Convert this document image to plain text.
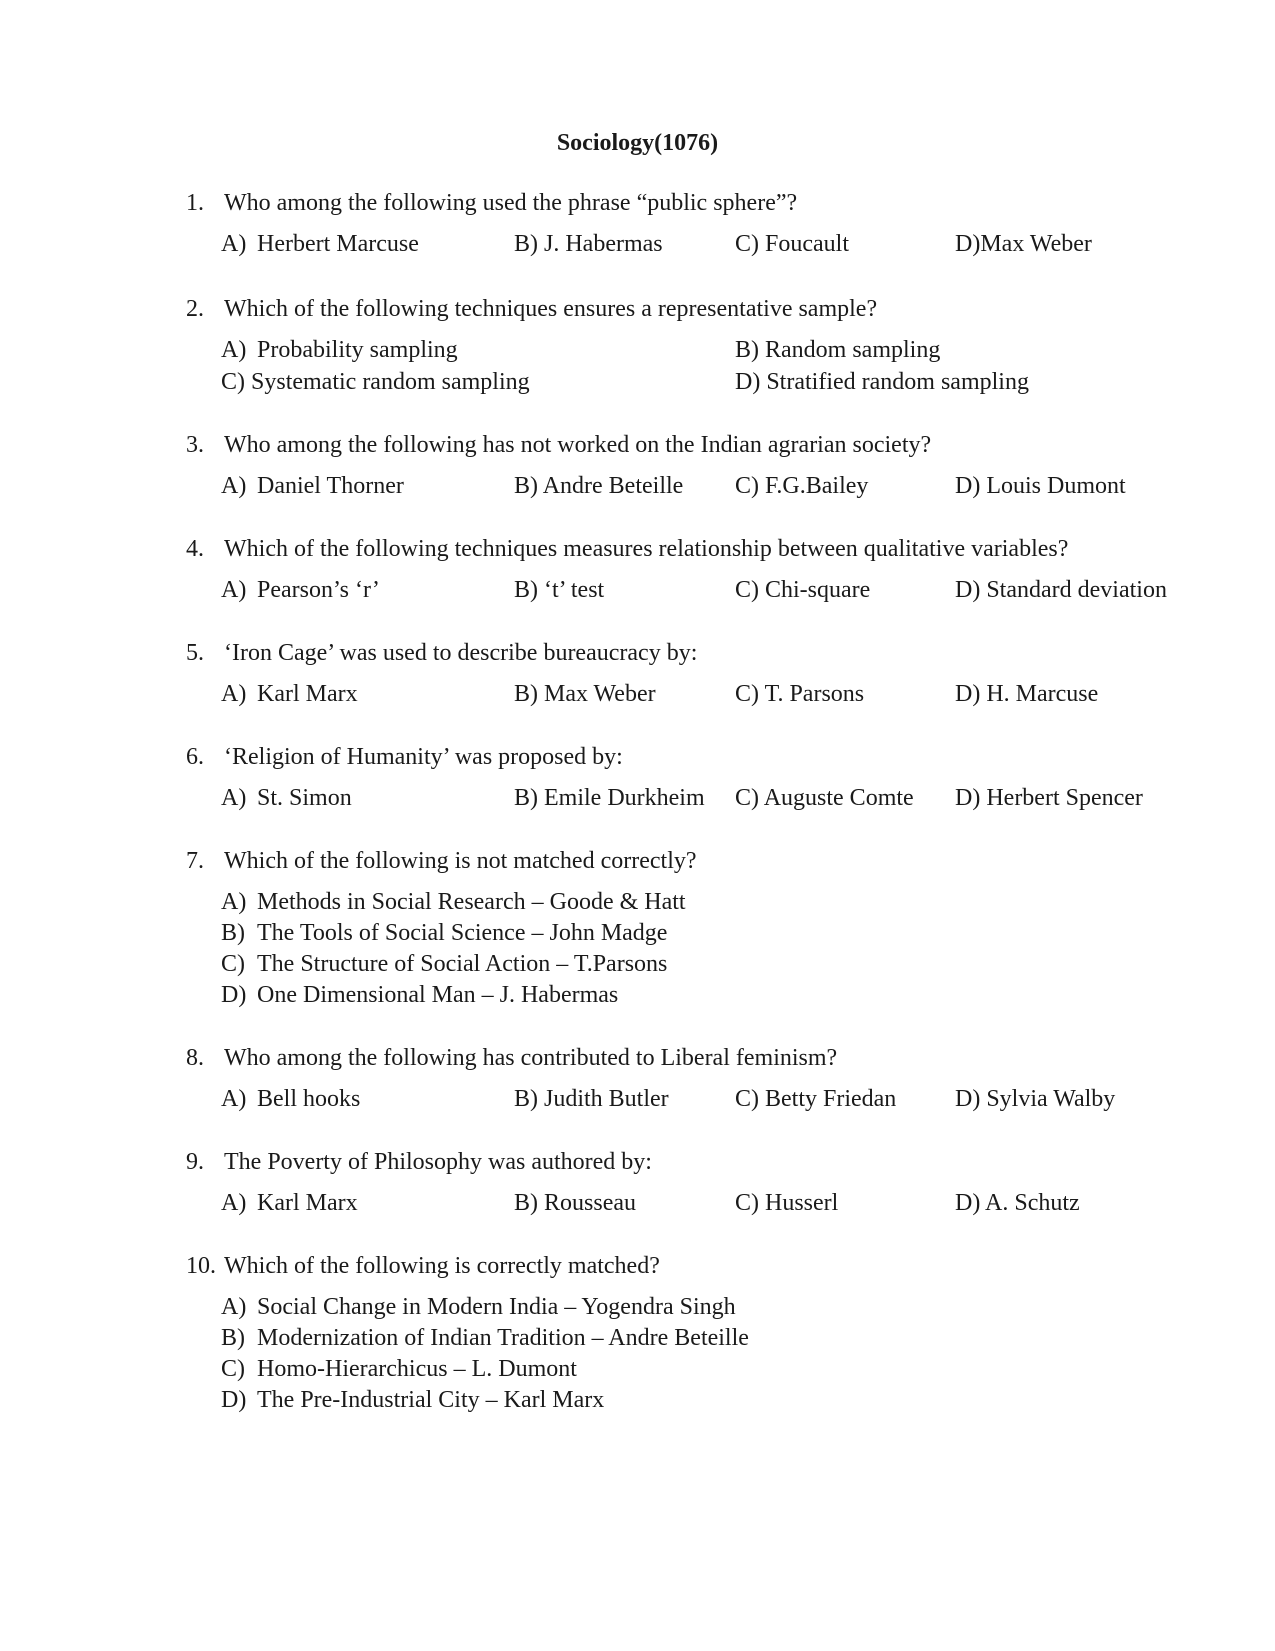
Sociology(1076)
1. Who among the following used the phrase “public sphere”?
A) Herbert Marcuse	B) J. Habermas	C) Foucault	D)Max Weber
2. Which of the following techniques ensures a representative sample?
A) Probability sampling	B) Random sampling
C) Systematic random sampling	D) Stratified random sampling
3. Who among the following has not worked on the Indian agrarian society?
A) Daniel Thorner	B) Andre Beteille C) F.G.Bailey	D) Louis Dumont
4. Which of the following techniques measures relationship between qualitative variables?
A) Pearson’s ‘r’	B) ‘t’ test	C) Chi-square	D) Standard deviation
5. ‘Iron Cage’ was used to describe bureaucracy by:
A) Karl Marx	B) Max Weber	C) T. Parsons	D) H. Marcuse
6. ‘Religion of Humanity’ was proposed by:
A) St. Simon	B) Emile Durkheim C) Auguste Comte D) Herbert Spencer
7. Which of the following is not matched correctly?
A) Methods in Social Research – Goode & Hatt
B) The Tools of Social Science – John Madge
C) The Structure of Social Action – T.Parsons
D) One Dimensional Man – J. Habermas
8. Who among the following has contributed to Liberal feminism?
A) Bell hooks	B) Judith Butler	C) Betty Friedan D) Sylvia Walby
9. The Poverty of Philosophy was authored by:
A) Karl Marx	B) Rousseau	C) Husserl	D) A. Schutz
10. Which of the following is correctly matched?
A) Social Change in Modern India – Yogendra Singh
B) Modernization of Indian Tradition – Andre Beteille
C) Homo-Hierarchicus – L. Dumont
D) The Pre-Industrial City – Karl Marx
